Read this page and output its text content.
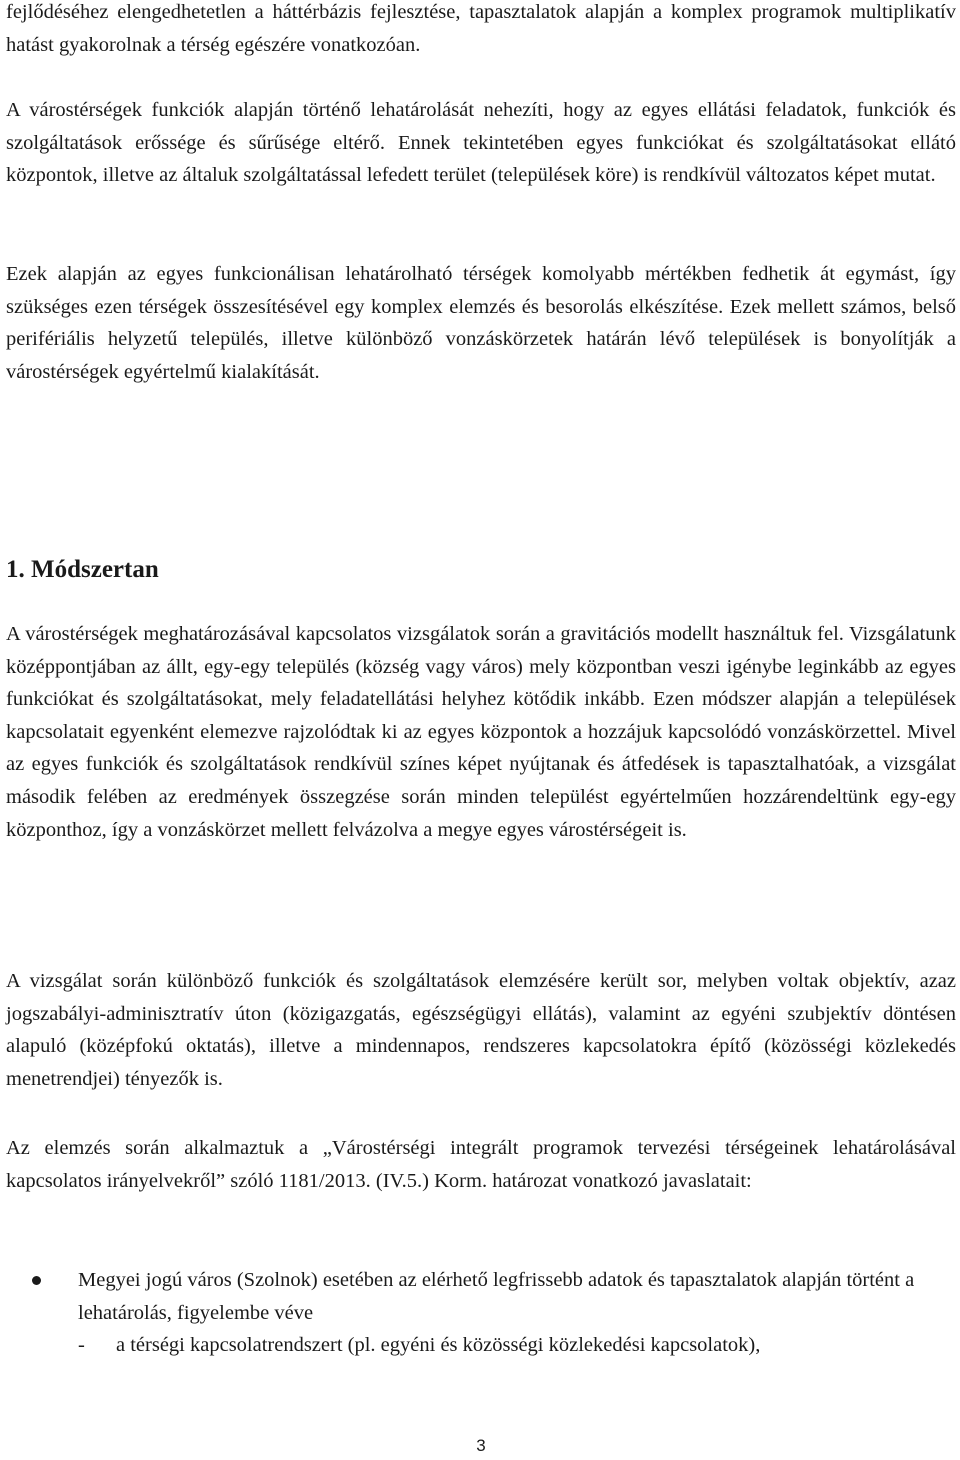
fejlődéséhez elengedhetetlen a háttérbázis fejlesztése, tapasztalatok alapján a komplex programok multiplikatív hatást gyakorolnak a térség egészére vonatkozóan.

A várostérségek funkciók alapján történő lehatárolását nehezíti, hogy az egyes ellátási feladatok, funkciók és szolgáltatások erőssége és sűrűsége eltérő. Ennek tekintetében egyes funkciókat és szolgáltatásokat ellátó központok, illetve az általuk szolgáltatással lefedett terület (települések köre) is rendkívül változatos képet mutat.

Ezek alapján az egyes funkcionálisan lehatárolható térségek komolyabb mértékben fedhetik át egymást, így szükséges ezen térségek összesítésével egy komplex elemzés és besorolás elkészítése. Ezek mellett számos, belső perifériális helyzetű település, illetve különböző vonzáskörzetek határán lévő települések is bonyolítják a várostérségek egyértelmű kialakítását.

1. Módszertan

A várostérségek meghatározásával kapcsolatos vizsgálatok során a gravitációs modellt használtuk fel. Vizsgálatunk középpontjában az állt, egy-egy település (község vagy város) mely központban veszi igénybe leginkább az egyes funkciókat és szolgáltatásokat, mely feladatellátási helyhez kötődik inkább. Ezen módszer alapján a települések kapcsolatait egyenként elemezve rajzolódtak ki az egyes központok a hozzájuk kapcsolódó vonzáskörzettel. Mivel az egyes funkciók és szolgáltatások rendkívül színes képet nyújtanak és átfedések is tapasztalhatóak, a vizsgálat második felében az eredmények összegzése során minden települést egyértelműen hozzárendeltünk egy-egy központhoz, így a vonzáskörzet mellett felvázolva a megye egyes várostérségeit is.

A vizsgálat során különböző funkciók és szolgáltatások elemzésére került sor, melyben voltak objektív, azaz jogszabályi-adminisztratív úton (közigazgatás, egészségügyi ellátás), valamint az egyéni szubjektív döntésen alapuló (középfokú oktatás), illetve a mindennapos, rendszeres kapcsolatokra építő (közösségi közlekedés menetrendjei) tényezők is.

Az elemzés során alkalmaztuk a „Várostérségi integrált programok tervezési térségeinek lehatárolásával kapcsolatos irányelvekről” szóló 1181/2013. (IV.5.) Korm. határozat vonatkozó javaslatait:

Megyei jogú város (Szolnok) esetében az elérhető legfrissebb adatok és tapasztalatok alapján történt a lehatárolás, figyelembe véve
- a térségi kapcsolatrendszert (pl. egyéni és közösségi közlekedési kapcsolatok),
3
